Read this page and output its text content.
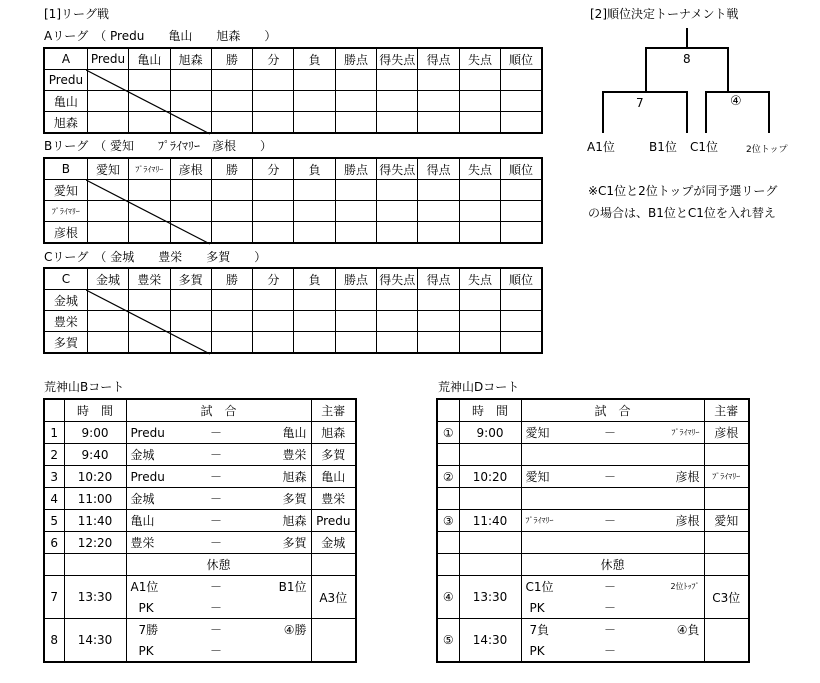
[1]リーグ戦
Aリーグ　（ Predu　　亀山　　旭森　　）
A	Predu	亀山	旭森	勝	分	負	勝点	得失点	得点	失点	順位
Predu											
亀山											
旭森											
Bリーグ　（ 愛知　　ﾌﾟﾗｲﾏﾘｰ　彦根　　）
B	愛知	ﾌﾟﾗｲﾏﾘｰ	彦根	勝	分	負	勝点	得失点	得点	失点	順位
愛知											
ﾌﾟﾗｲﾏﾘｰ											
彦根											
Cリーグ　（ 金城　　豊栄　　多賀　　）
C	金城	豊栄	多賀	勝	分	負	勝点	得失点	得点	失点	順位
金城											
豊栄											
多賀											
[2]順位決定トーナメント戦
8
7	④
A1位	B1位 C1位	2位トップ
※C1位と2位トップが同予選リーグ
の場合は、B1位とC1位を入れ替え
荒神山Bコート
	時　間	試　合			主審
1	9:00	Predu	－	亀山	旭森
2	9:40	金城	－	豊栄	多賀
3	10:20	Predu	－	旭森	亀山
4	11:00	金城	－	多賀	豊栄
5	11:40	亀山	－	旭森	Predu
6	12:20	豊栄	－	多賀	金城
		休憩			
7	13:30	A1位	－	B1位	A3位
		PK	－		
8	14:30	7勝	－	④勝	
		PK	－		
荒神山Dコート
	時　間	試　合			主審
①	9:00	愛知	－	ﾌﾟﾗｲﾏﾘｰ	彦根

②	10:20	愛知	－	彦根	ﾌﾟﾗｲﾏﾘｰ

③	11:40	ﾌﾟﾗｲﾏﾘｰ	－	彦根	愛知

		休憩			
④	13:30	C1位	－	2位ﾄｯﾌﾟ	C3位
		PK	－		
⑤	14:30	7負	－	④負	
		PK	－		
